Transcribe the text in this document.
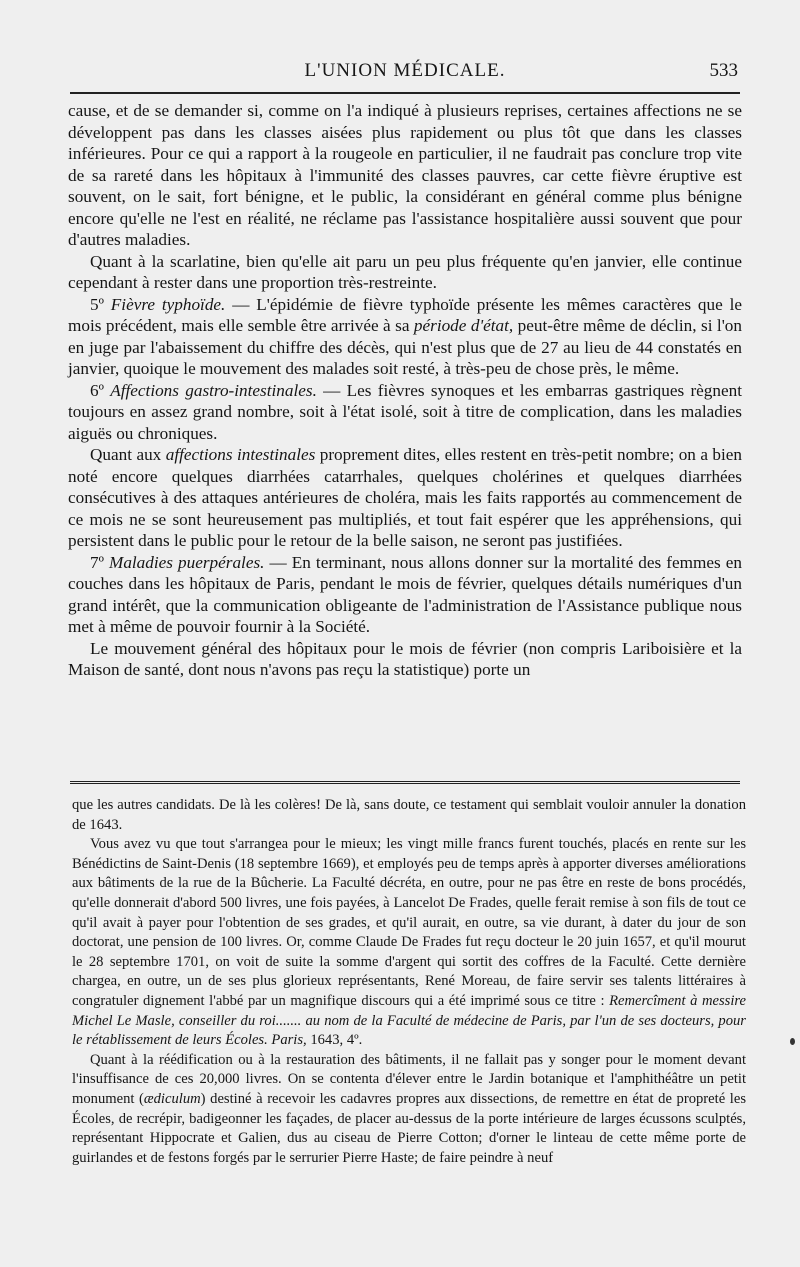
L'UNION MÉDICALE.	533

cause, et de se demander si, comme on l'a indiqué à plusieurs reprises, certaines affections ne se développent pas dans les classes aisées plus rapidement ou plus tôt que dans les classes inférieures. Pour ce qui a rapport à la rougeole en particulier, il ne faudrait pas conclure trop vite de sa rareté dans les hôpitaux à l'immunité des classes pauvres, car cette fièvre éruptive est souvent, on le sait, fort bénigne, et le public, la considérant en général comme plus bénigne encore qu'elle ne l'est en réalité, ne réclame pas l'assistance hospitalière aussi souvent que pour d'autres maladies.

Quant à la scarlatine, bien qu'elle ait paru un peu plus fréquente qu'en janvier, elle continue cependant à rester dans une proportion très-restreinte.

5º Fièvre typhoïde. — L'épidémie de fièvre typhoïde présente les mêmes caractères que le mois précédent, mais elle semble être arrivée à sa période d'état, peut-être même de déclin, si l'on en juge par l'abaissement du chiffre des décès, qui n'est plus que de 27 au lieu de 44 constatés en janvier, quoique le mouvement des malades soit resté, à très-peu de chose près, le même.

6º Affections gastro-intestinales. — Les fièvres synoques et les embarras gastriques règnent toujours en assez grand nombre, soit à l'état isolé, soit à titre de complication, dans les maladies aiguës ou chroniques.

Quant aux affections intestinales proprement dites, elles restent en très-petit nombre; on a bien noté encore quelques diarrhées catarrhales, quelques cholérines et quelques diarrhées consécutives à des attaques antérieures de choléra, mais les faits rapportés au commencement de ce mois ne se sont heureusement pas multipliés, et tout fait espérer que les appréhensions, qui persistent dans le public pour le retour de la belle saison, ne seront pas justifiées.

7º Maladies puerpérales. — En terminant, nous allons donner sur la mortalité des femmes en couches dans les hôpitaux de Paris, pendant le mois de février, quelques détails numériques d'un grand intérêt, que la communication obligeante de l'administration de l'Assistance publique nous met à même de pouvoir fournir à la Société.

Le mouvement général des hôpitaux pour le mois de février (non compris Lariboisière et la Maison de santé, dont nous n'avons pas reçu la statistique) porte un

que les autres candidats. De là les colères! De là, sans doute, ce testament qui semblait vouloir annuler la donation de 1643.

Vous avez vu que tout s'arrangea pour le mieux; les vingt mille francs furent touchés, placés en rente sur les Bénédictins de Saint-Denis (18 septembre 1669), et employés peu de temps après à apporter diverses améliorations aux bâtiments de la rue de la Bûcherie. La Faculté décréta, en outre, pour ne pas être en reste de bons procédés, qu'elle donnerait d'abord 500 livres, une fois payées, à Lancelot De Frades, quelle ferait remise à son fils de tout ce qu'il avait à payer pour l'obtention de ses grades, et qu'il aurait, en outre, sa vie durant, à dater du jour de son doctorat, une pension de 100 livres. Or, comme Claude De Frades fut reçu docteur le 20 juin 1657, et qu'il mourut le 28 septembre 1701, on voit de suite la somme d'argent qui sortit des coffres de la Faculté. Cette dernière chargea, en outre, un de ses plus glorieux représentants, René Moreau, de faire servir ses talents littéraires à congratuler dignement l'abbé par un magnifique discours qui a été imprimé sous ce titre : Remercîment à messire Michel Le Masle, conseiller du roi....... au nom de la Faculté de médecine de Paris, par l'un de ses docteurs, pour le rétablissement de leurs Écoles. Paris, 1643, 4º.

Quant à la réédification ou à la restauration des bâtiments, il ne fallait pas y songer pour le moment devant l'insuffisance de ces 20,000 livres. On se contenta d'élever entre le Jardin botanique et l'amphithéâtre un petit monument (ædiculum) destiné à recevoir les cadavres propres aux dissections, de remettre en état de propreté les Écoles, de recrépir, badigeonner les façades, de placer au-dessus de la porte intérieure de larges écussons sculptés, représentant Hippocrate et Galien, dus au ciseau de Pierre Cotton; d'orner le linteau de cette même porte de guirlandes et de festons forgés par le serrurier Pierre Haste; de faire peindre à neuf
